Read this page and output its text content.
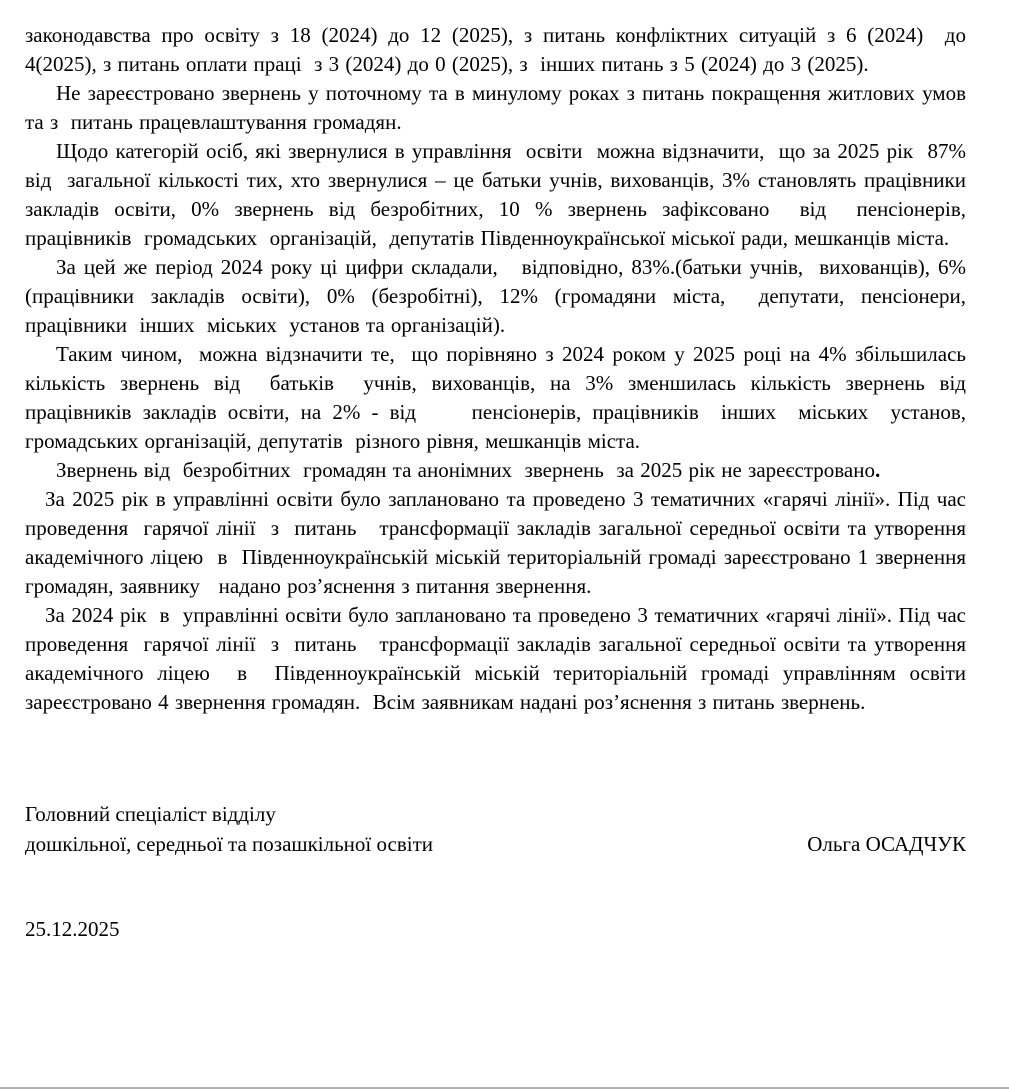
законодавства про освіту з 18 (2024) до 12 (2025), з питань конфліктних ситуацій з 6 (2024)  до 4(2025), з питань оплати праці  з 3 (2024) до 0 (2025), з  інших питань з 5 (2024) до 3 (2025).

Не зареєстровано звернень у поточному та в минулому роках з питань покращення житлових умов та з  питань працевлаштування громадян.

Щодо категорій осіб, які звернулися в управління  освіти  можна відзначити,  що за 2025 рік  87% від  загальної кількості тих, хто звернулися – це батьки учнів, вихованців, 3% становлять працівники закладів освіти, 0% звернень від безробітних, 10 % звернень зафіксовано  від  пенсіонерів,  працівників  громадських  організацій,  депутатів Південноукраїнської міської ради, мешканців міста.

За цей же період 2024 року ці цифри складали,   відповідно, 83%.(батьки учнів,  вихованців), 6% (працівники закладів освіти), 0% (безробітні), 12% (громадяни міста,  депутати, пенсіонери, працівники  інших  міських  установ та організацій).

Таким чином,  можна відзначити те,  що порівняно з 2024 роком у 2025 році на 4% збільшилась кількість звернень від  батьків  учнів, вихованців, на 3% зменшилась кількість звернень від працівників закладів освіти, на 2% - від     пенсіонерів, працівників  інших  міських  установ, громадських організацій, депутатів  різного рівня, мешканців міста.

Звернень від  безробітних  громадян та анонімних  звернень  за 2025 рік не зареєстровано.

За 2025 рік в управлінні освіти було заплановано та проведено 3 тематичних «гарячі лінії». Під час проведення  гарячої лінії  з  питань   трансформації закладів загальної середньої освіти та утворення  академічного ліцею  в  Південноукраїнській міській територіальній громаді зареєстровано 1 звернення громадян, заявнику   надано роз’яснення з питання звернення.

За 2024 рік  в  управлінні освіти було заплановано та проведено 3 тематичних «гарячі лінії». Під час проведення  гарячої лінії  з  питань   трансформації закладів загальної середньої освіти та утворення  академічного ліцею  в  Південноукраїнській міській територіальній громаді управлінням освіти зареєстровано 4 звернення громадян.  Всім заявникам надані роз’яснення з питань звернень.

Головний спеціаліст відділу
дошкільної, середньої та позашкільної освіти	Ольга ОСАДЧУК
25.12.2025
